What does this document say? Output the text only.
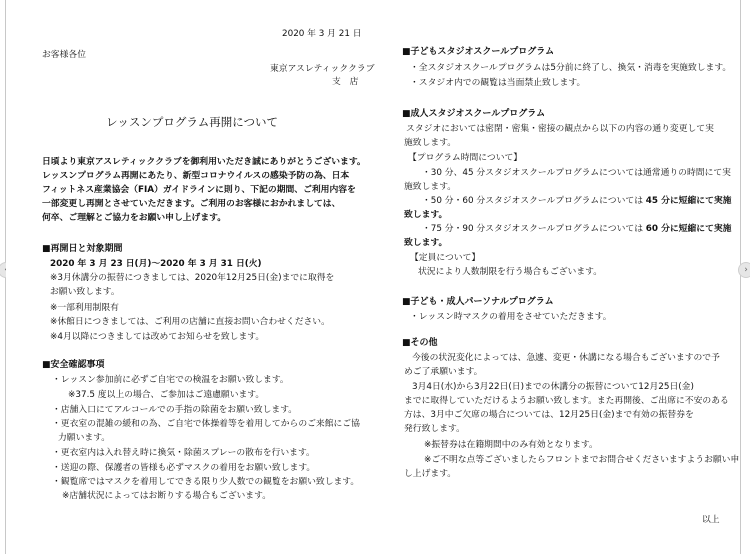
›
2020 年 3 月 21 日
お客様各位
東京アスレティッククラブ
支　店
レッスンプログラム再開について
日頃より東京アスレティッククラブを御利用いただき誠にありがとうございます。
レッスンプログラム再開にあたり、新型コロナウイルスの感染予防の為、日本
フィットネス産業協会（FIA）ガイドラインに則り、下記の期間、ご利用内容を
一部変更し再開とさせていただきます。ご利用のお客様におかれましては、
何卒、ご理解とご協力をお願い申し上げます。
■再開日と対象期間
2020 年 3 月 23 日(月)～2020 年 3 月 31 日(火)
※3月休講分の振替につきましては、2020年12月25日(金)までに取得を
お願い致します。
※一部利用制限有
※休館日につきましては、ご利用の店舗に直接お問い合わせください。
※4月以降につきましては改めてお知らせを致します。
■安全確認事項
・レッスン参加前に必ずご自宅での検温をお願い致します。
※37.5 度以上の場合、ご参加はご遠慮願います。
・店舗入口にてアルコールでの手指の除菌をお願い致します。
・更衣室の混雑の緩和の為、ご自宅で体操着等を着用してからのご来館にご協
力願います。
・更衣室内は入れ替え時に換気・除菌スプレーの散布を行います。
・送迎の際、保護者の皆様も必ずマスクの着用をお願い致します。
・観覧席ではマスクを着用してできる限り少人数での観覧をお願い致します。
※店舗状況によってはお断りする場合もございます。
■子どもスタジオスクールプログラム
・全スタジオスクールプログラムは5分前に終了し、換気・消毒を実施致します。
・スタジオ内での観覧は当面禁止致します。
■成人スタジオスクールプログラム
スタジオにおいては密閉・密集・密接の観点から以下の内容の通り変更して実
施致します。
【プログラム時間について】
・30 分、45 分スタジオスクールプログラムについては通常通りの時間にて実
施致します。
・50 分・60 分スタジオスクールプログラムについては 45 分に短縮にて実施
致します。
・75 分・90 分スタジオスクールプログラムについては 60 分に短縮にて実施
致します。
【定員について】
状況により人数制限を行う場合もございます。
■子ども・成人パーソナルプログラム
・レッスン時マスクの着用をさせていただきます。
■その他
今後の状況変化によっては、急遽、変更・休講になる場合もございますので予
めご了承願います。
3月4日(水)から3月22日(日)までの休講分の振替について12月25日(金)
までに取得していただけるようお願い致します。また再開後、ご出席に不安のある
方は、3月中ご欠席の場合については、12月25日(金)まで有効の振替券を
発行致します。
※振替券は在籍期間中のみ有効となります。
※ご不明な点等ございましたらフロントまでお問合せくださいますようお願い申
し上げます。
以上
